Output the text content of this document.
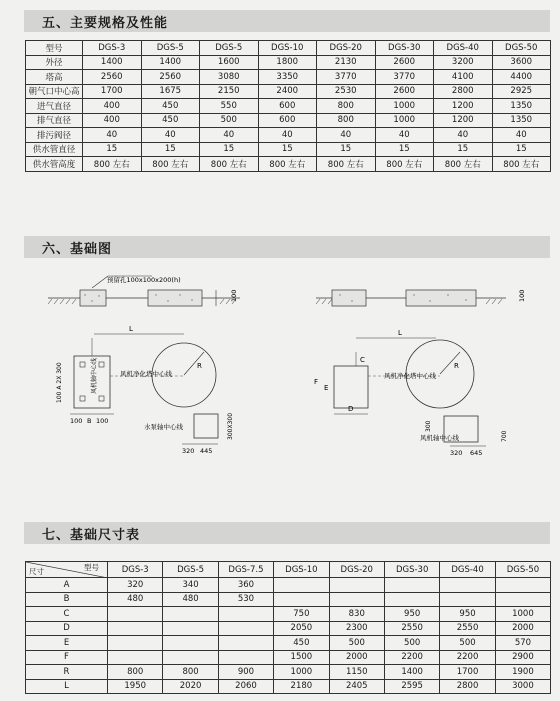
五、主要规格及性能
型号	DGS-3	DGS-5	DGS-5	DGS-10	DGS-20	DGS-30	DGS-40	DGS-50
外径	1400	1400	1600	1800	2130	2600	3200	3600
塔高	2560	2560	3080	3350	3770	3770	4100	4400
朝气口中心高	1700	1675	2150	2400	2530	2600	2800	2925
进气直径	400	450	550	600	800	1000	1200	1350
排气直径	400	450	500	600	800	1000	1200	1350
排污阀径	40	40	40	40	40	40	40	40
供水管直径	15	15	15	15	15	15	15	15
供水管高度	800 左右	800 左右	800 左右	800 左右	800 左右	800 左右	800 左右	800 左右
六、基础图
预留孔100x100x200(h)
100
L
100 A 2X 300	风机轴中心线	R
风机净化塔中心线
100 B 100
水泵轴中心线	300X300
320 445
100
L
C
F
E
D
R
风机净化塔中心线
300
700
风机轴中心线
320 645
七、基础尺寸表
型号
尺寸	DGS-3	DGS-5	DGS-7.5	DGS-10	DGS-20	DGS-30	DGS-40	DGS-50
A	320	340	360					
B	480	480	530					
C				750	830	950	950	1000
D				2050	2300	2550	2550	2000
E				450	500	500	500	570
F				1500	2000	2200	2200	2900
R	800	800	900	1000	1150	1400	1700	1900
L	1950	2020	2060	2180	2405	2595	2800	3000
